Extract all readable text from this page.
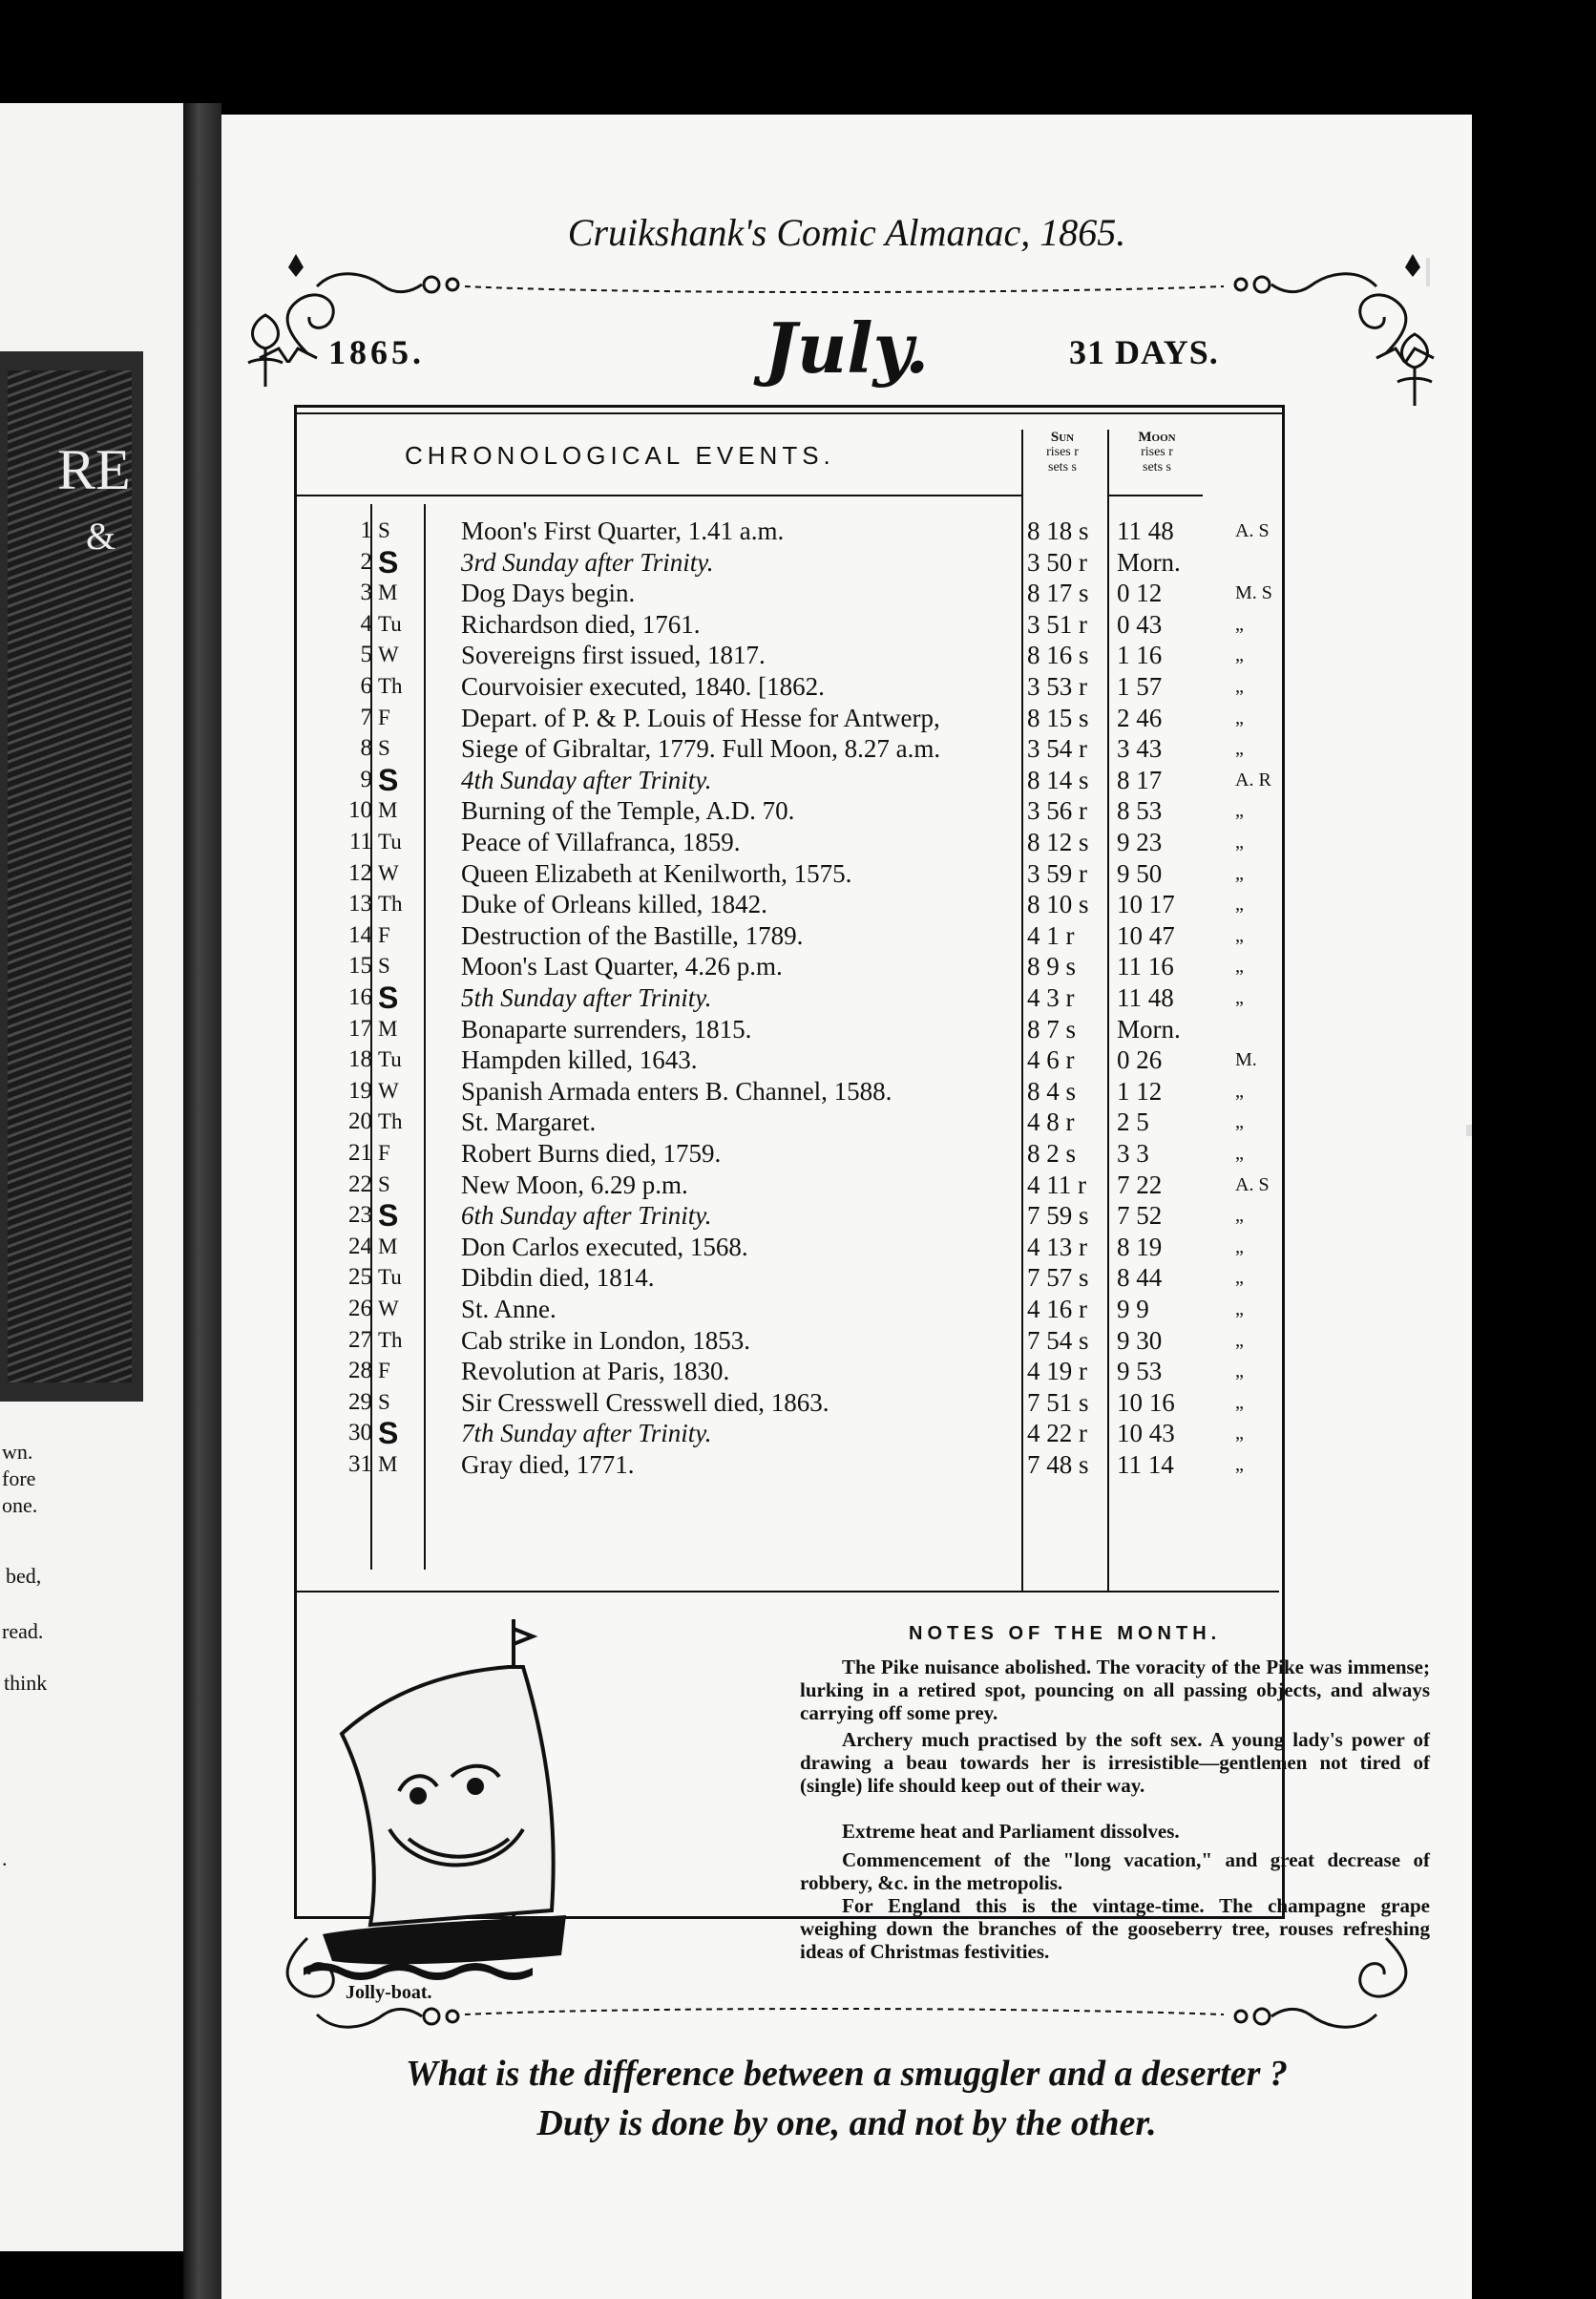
RE
&
wn.
fore
one.
bed,
read.
think
.
Cruikshank's Comic Almanac, 1865.
1865.	July.	31 DAYS.
CHRONOLOGICAL EVENTS.
Sun
rises r
sets s
Moon
rises r
sets s
1 S	Moon's First Quarter, 1.41 a.m.	8 18 s	11 48	A. S
2 S	3rd Sunday after Trinity.	3 50 r	Morn.
3 M	Dog Days begin.	8 17 s	0 12	M. S
4 Tu	Richardson died, 1761.	3 51 r	0 43	„
5 W	Sovereigns first issued, 1817.	8 16 s	1 16	„
6 Th	Courvoisier executed, 1840. [1862.	3 53 r	1 57	„
7 F	Depart. of P. & P. Louis of Hesse for Antwerp,	8 15 s	2 46	„
8 S	Siege of Gibraltar, 1779. Full Moon, 8.27 a.m.	3 54 r	3 43	„
9 S	4th Sunday after Trinity.	8 14 s	8 17	A. R
10 M	Burning of the Temple, A.D. 70.	3 56 r	8 53	„
11 Tu	Peace of Villafranca, 1859.	8 12 s	9 23	„
12 W	Queen Elizabeth at Kenilworth, 1575.	3 59 r	9 50	„
13 Th	Duke of Orleans killed, 1842.	8 10 s	10 17	„
14 F	Destruction of the Bastille, 1789.	4 1 r	10 47	„
15 S	Moon's Last Quarter, 4.26 p.m.	8 9 s	11 16	„
16 S	5th Sunday after Trinity.	4 3 r	11 48	„
17 M	Bonaparte surrenders, 1815.	8 7 s	Morn.
18 Tu	Hampden killed, 1643.	4 6 r	0 26	M.
19 W	Spanish Armada enters B. Channel, 1588.	8 4 s	1 12	„
20 Th	St. Margaret.	4 8 r	2 5	„
21 F	Robert Burns died, 1759.	8 2 s	3 3	„
22 S	New Moon, 6.29 p.m.	4 11 r	7 22	A. S
23 S	6th Sunday after Trinity.	7 59 s	7 52	„
24 M	Don Carlos executed, 1568.	4 13 r	8 19	„
25 Tu	Dibdin died, 1814.	7 57 s	8 44	„
26 W	St. Anne.	4 16 r	9 9	„
27 Th	Cab strike in London, 1853.	7 54 s	9 30	„
28 F	Revolution at Paris, 1830.	4 19 r	9 53	„
29 S	Sir Cresswell Cresswell died, 1863.	7 51 s	10 16	„
30 S	7th Sunday after Trinity.	4 22 r	10 43	„
31 M	Gray died, 1771.	7 48 s	11 14	„
NOTES OF THE MONTH.
The Pike nuisance abolished. The voracity of the Pike was immense; lurking in a retired spot, pouncing on all passing objects, and always carrying off some prey.
Archery much practised by the soft sex. A young lady's power of drawing a beau towards her is irresistible—gentlemen not tired of (single) life should keep out of their way.
Extreme heat and Parliament dissolves.
Commencement of the "long vacation," and great decrease of robbery, &c. in the metropolis.
For England this is the vintage-time. The champagne grape weighing down the branches of the gooseberry tree, rouses refreshing ideas of Christmas festivities.
Jolly-boat.
What is the difference between a smuggler and a deserter ?
Duty is done by one, and not by the other.
